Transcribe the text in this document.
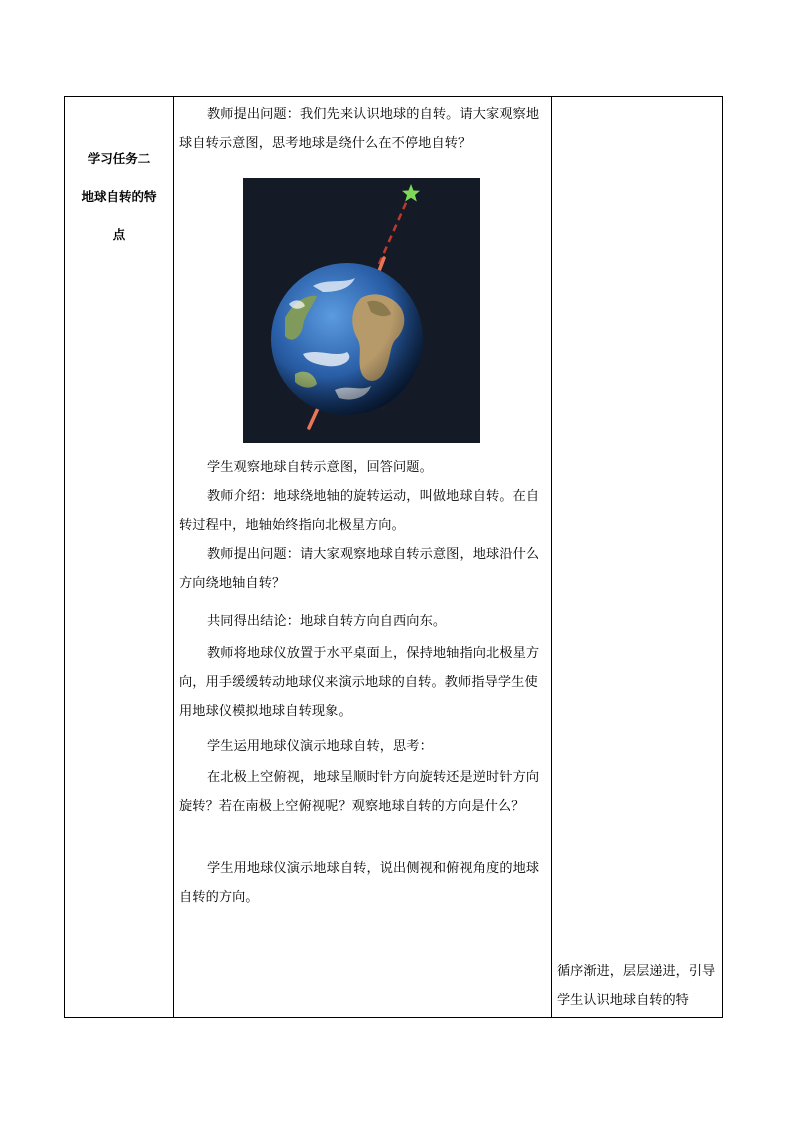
学习任务二
地球自转的特
点

教师提出问题：我们先来认识地球的自转。请大家观察地球自转示意图，思考地球是绕什么在不停地自转？

学生观察地球自转示意图，回答问题。

教师介绍：地球绕地轴的旋转运动，叫做地球自转。在自转过程中，地轴始终指向北极星方向。

教师提出问题：请大家观察地球自转示意图，地球沿什么方向绕地轴自转？

共同得出结论：地球自转方向自西向东。

教师将地球仪放置于水平桌面上，保持地轴指向北极星方向，用手缓缓转动地球仪来演示地球的自转。教师指导学生使用地球仪模拟地球自转现象。

学生运用地球仪演示地球自转，思考：

在北极上空俯视，地球呈顺时针方向旋转还是逆时针方向旋转？若在南极上空俯视呢？观察地球自转的方向是什么？

学生用地球仪演示地球自转，说出侧视和俯视角度的地球自转的方向。

循序渐进，层层递进，引导学生认识地球自转的特
